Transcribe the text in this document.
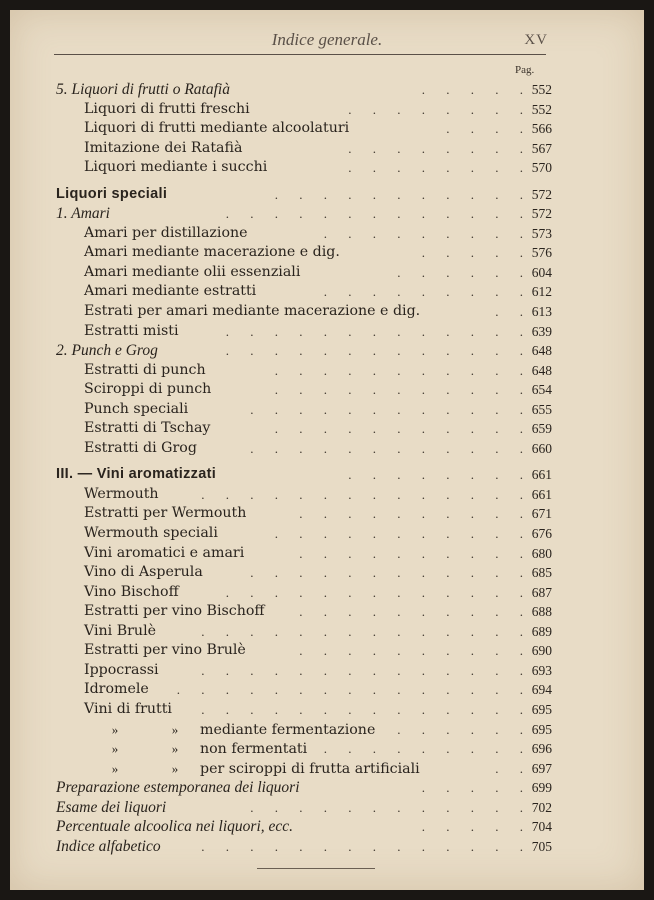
Indice generale.	XV
Pag.
5. Liquori di frutti o Ratafià	. . . . . 552
Liquori di frutti freschi	. . . . . . . . 552
Liquori di frutti mediante alcoolaturi	. . . . 566
Imitazione dei Ratafià	. . . . . . . . 567
Liquori mediante i succhi	. . . . . . . . 570
Liquori speciali	. . . . . . . . . . . 572
1. Amari	. . . . . . . . . . . . . 572
Amari per distillazione	. . . . . . . . . 573
Amari mediante macerazione e dig.	. . . . . 576
Amari mediante olii essenziali	. . . . . . 604
Amari mediante estratti	. . . . . . . . . 612
Estrati per amari mediante macerazione e dig.	. . 613
Estratti misti	. . . . . . . . . . . . . 639
2. Punch e Grog	. . . . . . . . . . . . . 648
Estratti di punch	. . . . . . . . . . . 648
Sciroppi di punch	. . . . . . . . . . . 654
Punch speciali	. . . . . . . . . . . . 655
Estratti di Tschay	. . . . . . . . . . . 659
Estratti di Grog	. . . . . . . . . . . . 660
III. — Vini aromatizzati	. . . . . . . . 661
Wermouth	. . . . . . . . . . . . . . 661
Estratti per Wermouth	. . . . . . . . . . 671
Wermouth speciali	. . . . . . . . . . . 676
Vini aromatici e amari	. . . . . . . . . . 680
Vino di Asperula	. . . . . . . . . . . . 685
Vino Bischoff	. . . . . . . . . . . . . 687
Estratti per vino Bischoff	. . . . . . . . . . 688
Vini Brulè	. . . . . . . . . . . . . . 689
Estratti per vino Brulè	. . . . . . . . . . 690
Ippocrassi	. . . . . . . . . . . . . . 693
Idromele . . . . . . . . . . . . . . . 694
Vini di frutti . . . . . . . . . . . . . . 695
»	» mediante fermentazione . . . . . . 695
»	» non fermentati . . . . . . . . . 696
»	» per sciroppi di frutta artificiali	. . 697
Preparazione estemporanea dei liquori	. . . . . 699
Esame dei liquori	. . . . . . . . . . . . 702
Percentuale alcoolica nei liquori, ecc.	. . . . . 704
Indice alfabetico	. . . . . . . . . . . . . . 705
